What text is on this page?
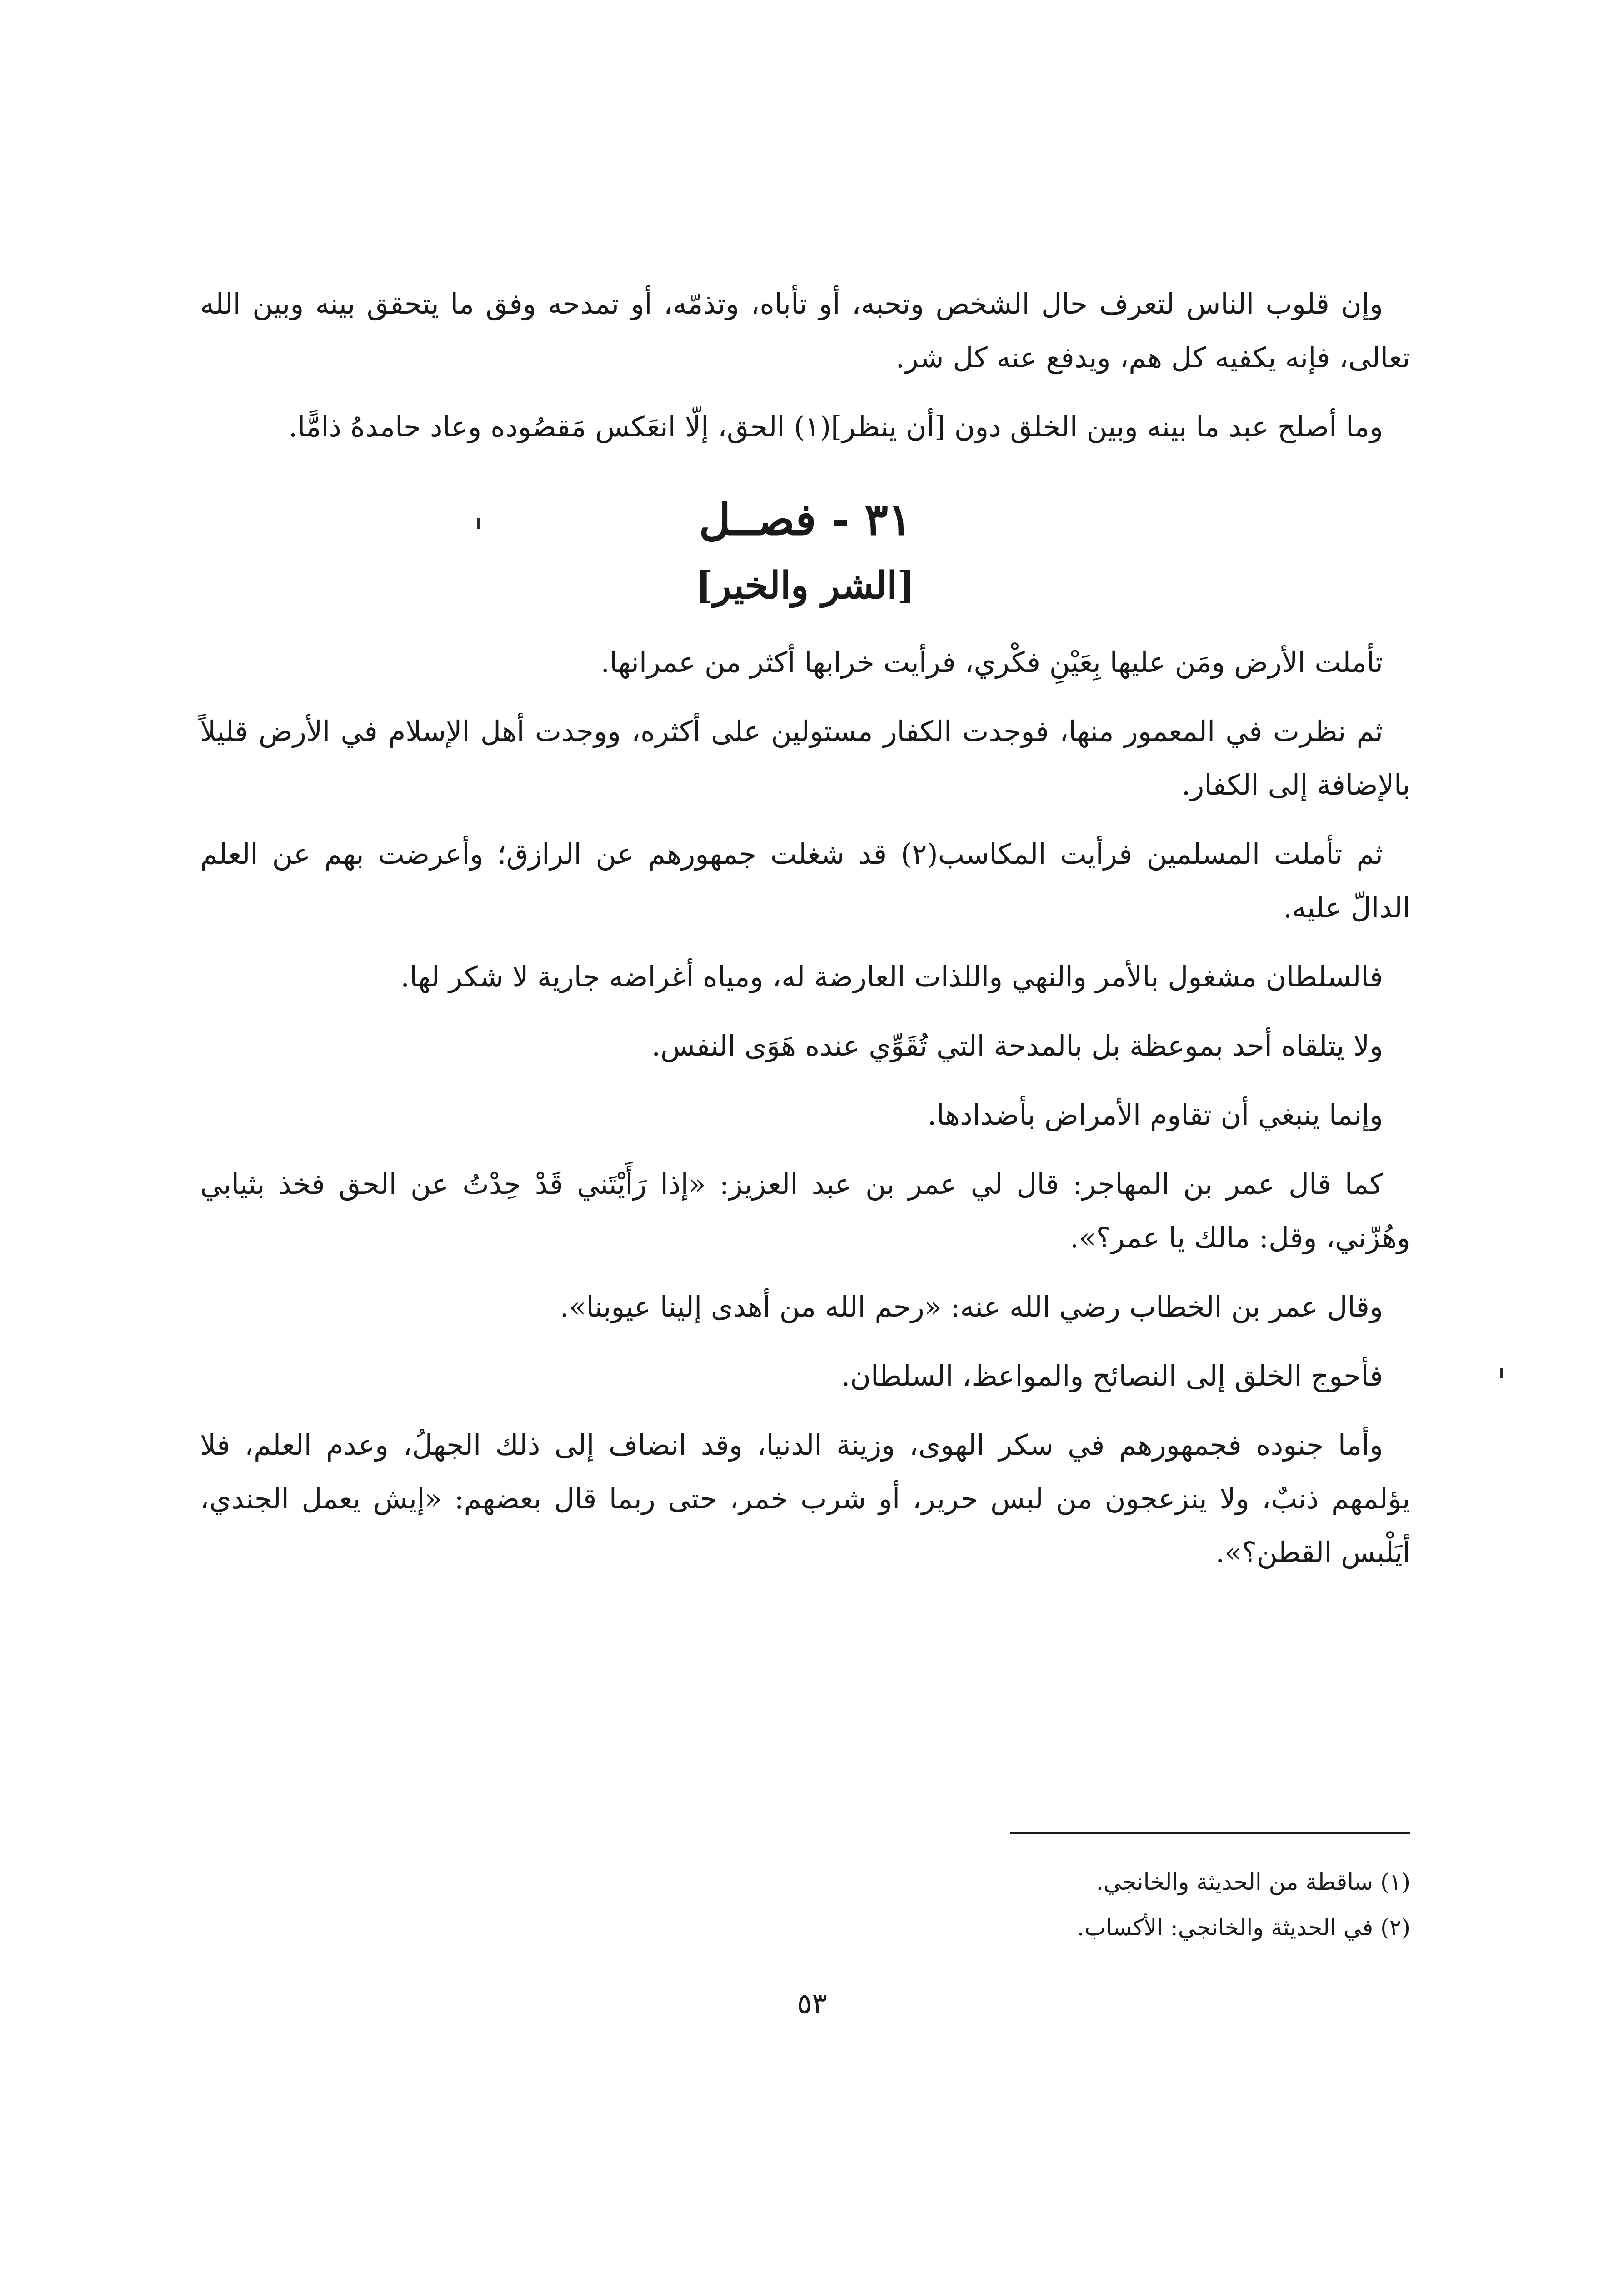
وإن قلوب الناس لتعرف حال الشخص وتحبه، أو تأباه، وتذمّه، أو تمدحه وفق ما يتحقق بينه وبين الله تعالى، فإنه يكفيه كل هم، ويدفع عنه كل شر.

وما أصلح عبد ما بينه وبين الخلق دون [أن ينظر](١) الحق، إلّا انعَكس مَقصُوده وعاد حامدهُ ذامًّا.

٣١ - فصــل

[الشر والخير]

تأملت الأرض ومَن عليها بِعَيْنِ فكْري، فرأيت خرابها أكثر من عمرانها.

ثم نظرت في المعمور منها، فوجدت الكفار مستولين على أكثره، ووجدت أهل الإسلام في الأرض قليلاً بالإضافة إلى الكفار.

ثم تأملت المسلمين فرأيت المكاسب(٢) قد شغلت جمهورهم عن الرازق؛ وأعرضت بهم عن العلم الدالّ عليه.

فالسلطان مشغول بالأمر والنهي واللذات العارضة له، ومياه أغراضه جارية لا شكر لها.

ولا يتلقاه أحد بموعظة بل بالمدحة التي تُقَوِّي عنده هَوَى النفس.

وإنما ينبغي أن تقاوم الأمراض بأضدادها.

كما قال عمر بن المهاجر: قال لي عمر بن عبد العزيز: «إذا رَأَيْتَني قَدْ حِدْتُ عن الحق فخذ بثيابي وهُزّني، وقل: مالك يا عمر؟».

وقال عمر بن الخطاب رضي الله عنه: «رحم الله من أهدى إلينا عيوبنا».

فأحوج الخلق إلى النصائح والمواعظ، السلطان.

وأما جنوده فجمهورهم في سكر الهوى، وزينة الدنيا، وقد انضاف إلى ذلك الجهلُ، وعدم العلم، فلا يؤلمهم ذنبٌ، ولا ينزعجون من لبس حرير، أو شرب خمر، حتى ربما قال بعضهم: «إيش يعمل الجندي، أيَلْبس القطن؟».

(١) ساقطة من الحديثة والخانجي.

(٢) في الحديثة والخانجي: الأكساب.

٥٣
